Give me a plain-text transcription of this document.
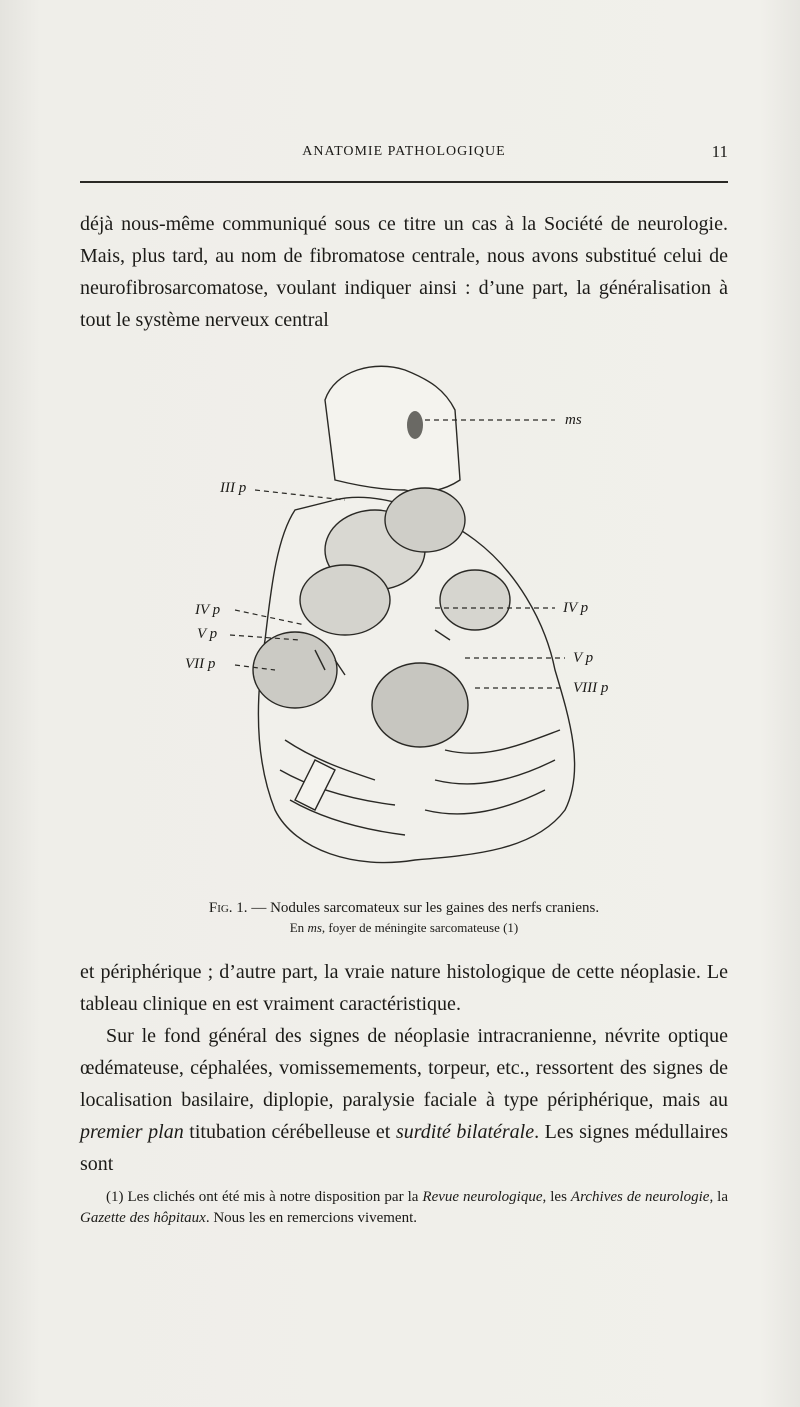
ANATOMIE PATHOLOGIQUE	11

déjà nous-même communiqué sous ce titre un cas à la Société de neurologie. Mais, plus tard, au nom de fibromatose centrale, nous avons substitué celui de neurofibrosarcomatose, voulant indiquer ainsi : d’une part, la généralisation à tout le système nerveux central

ms
III p
IV p
V p
VII p
IV p
V p
VIII p
Fig. 1. — Nodules sarcomateux sur les gaines des nerfs craniens.
En ms, foyer de méningite sarcomateuse (1)

et périphérique ; d’autre part, la vraie nature histologique de cette néoplasie. Le tableau clinique en est vraiment caractéristique.

Sur le fond général des signes de néoplasie intracranienne, névrite optique œdémateuse, céphalées, vomissemements, torpeur, etc., ressortent des signes de localisation basilaire, diplopie, paralysie faciale à type périphérique, mais au premier plan titubation cérébelleuse et surdité bilatérale. Les signes médullaires sont

(1) Les clichés ont été mis à notre disposition par la Revue neurologique, les Archives de neurologie, la Gazette des hôpitaux. Nous les en remercions vivement.
